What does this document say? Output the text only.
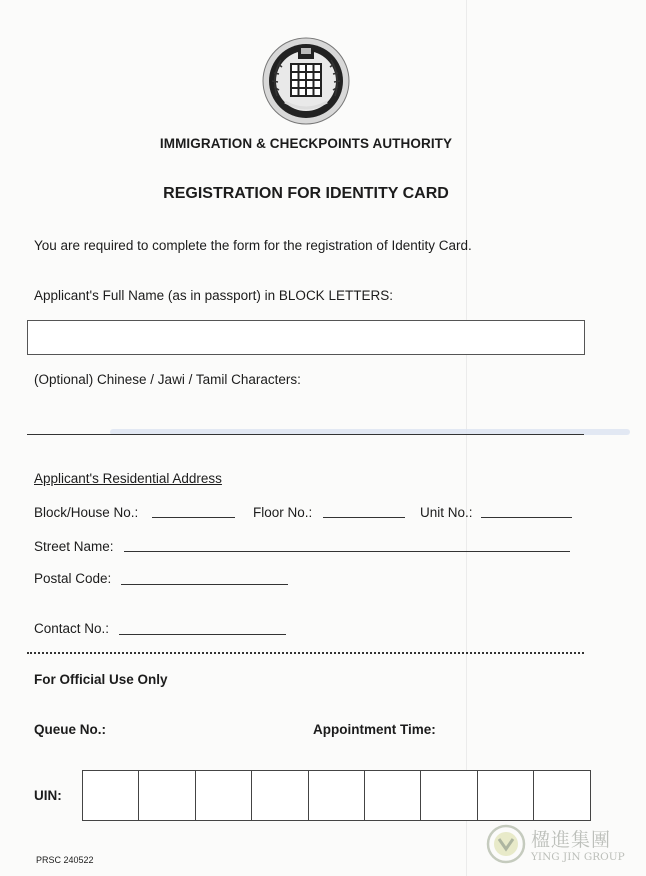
IMMIGRATION & CHECKPOINTS AUTHORITY
REGISTRATION FOR IDENTITY CARD
You are required to complete the form for the registration of Identity Card.
Applicant's Full Name (as in passport) in BLOCK LETTERS:
(Optional) Chinese / Jawi / Tamil Characters:
Applicant's Residential Address
Block/House No.:	Floor No.:	Unit No.:
Street Name:
Postal Code:
Contact No.:
For Official Use Only
Queue No.:	Appointment Time:
UIN:
PRSC 240522
楹進集團
YING JIN GROUP
